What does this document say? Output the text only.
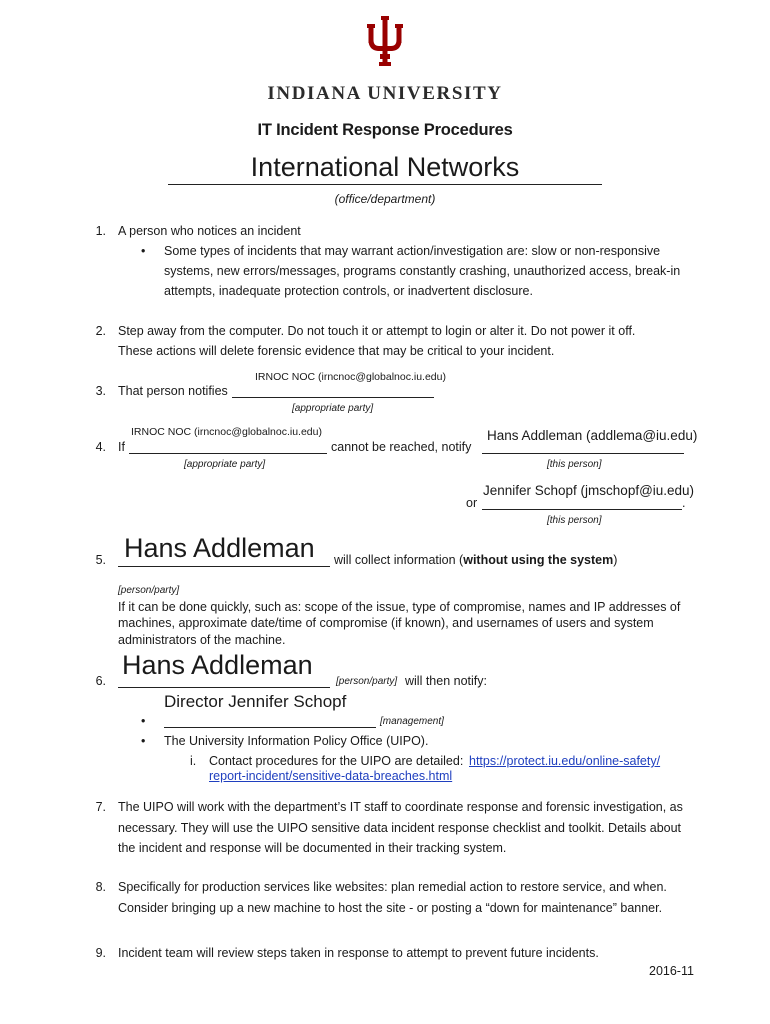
INDIANA UNIVERSITY
IT Incident Response Procedures
International Networks
(office/department)
1. A person who notices an incident
• Some types of incidents that may warrant action/investigation are: slow or non-responsive
systems, new errors/messages, programs constantly crashing, unauthorized access, break-in
attempts, inadequate protection controls, or inadvertent disclosure.
2. Step away from the computer. Do not touch it or attempt to login or alter it. Do not power it off.
These actions will delete forensic evidence that may be critical to your incident.
IRNOC NOC (irncnoc@globalnoc.iu.edu)
3. That person notifies
[appropriate party]
IRNOC NOC (irncnoc@globalnoc.iu.edu)	Hans Addleman (addlema@iu.edu)
4. If	cannot be reached, notify
[appropriate party]	[this person]
Jennifer Schopf (jmschopf@iu.edu)
or	.
[this person]
Hans Addleman
5.	will collect information (without using the system)
[person/party]
If it can be done quickly, such as: scope of the issue, type of compromise, names and IP addresses of
machines, approximate date/time of compromise (if known), and usernames of users and system
administrators of the machine.
Hans Addleman
6.	[person/party] will then notify:
Director Jennifer Schopf
•	[management]
• The University Information Policy Office (UIPO).
i. Contact procedures for the UIPO are detailed: https://protect.iu.edu/online-safety/
report-incident/sensitive-data-breaches.html
7. The UIPO will work with the department’s IT staff to coordinate response and forensic investigation, as
necessary. They will use the UIPO sensitive data incident response checklist and toolkit. Details about
the incident and response will be documented in their tracking system.
8. Specifically for production services like websites: plan remedial action to restore service, and when.
Consider bringing up a new machine to host the site - or posting a “down for maintenance” banner.
9. Incident team will review steps taken in response to attempt to prevent future incidents.
2016-11
